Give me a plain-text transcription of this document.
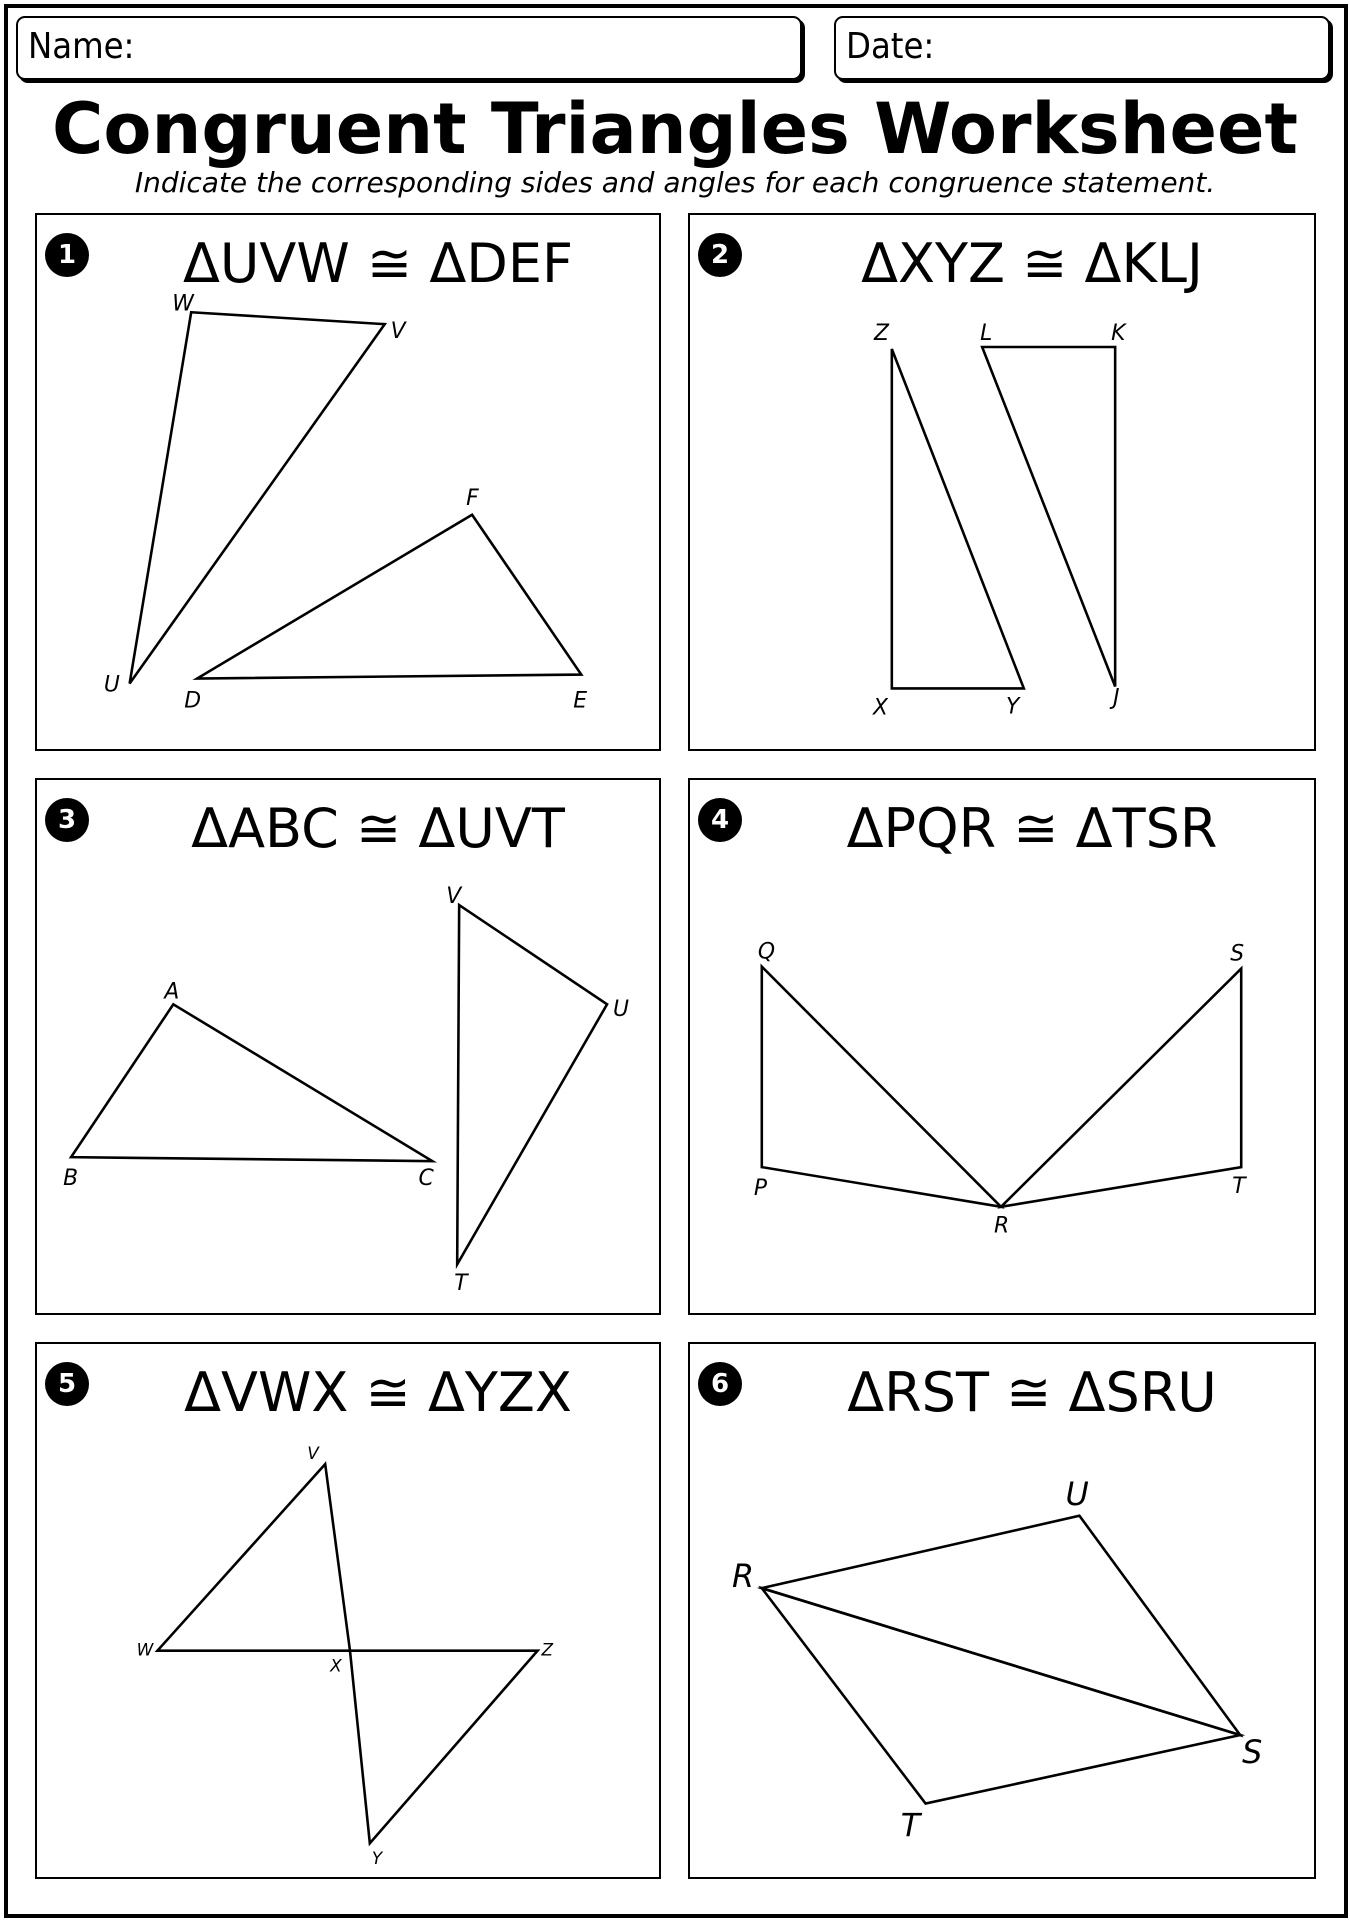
Name:	Date:
Congruent Triangles Worksheet
Indicate the corresponding sides and angles for each congruence statement.
1	ΔUVW ≅ ΔDEF
W
V
U
F
D	E
2	ΔXYZ ≅ ΔKLJ
Z	L	K
X	Y	J
3	ΔABC ≅ ΔUVT
V
A
U
B	C
T
4	ΔPQR ≅ ΔTSR
Q	S
P	T
R
5	ΔVWX ≅ ΔYZX
V
W
X
Z
Y
6	ΔRST ≅ ΔSRU
U
R
S
T
